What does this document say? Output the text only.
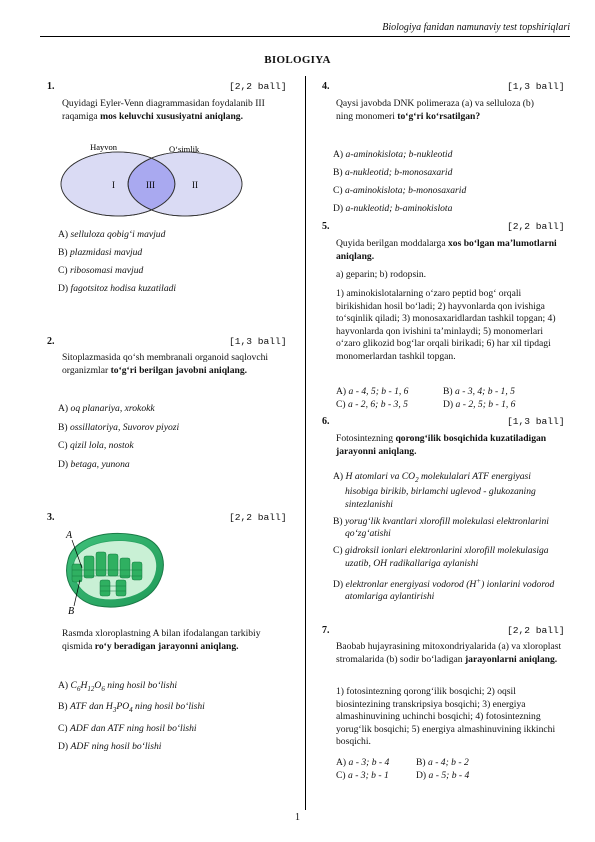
Biologiya fanidan namunaviy test topshiriqlari
BIOLOGIYA
1.	[2,2 ball]
Quyidagi Eyler-Venn diagrammasidan foydalanib III raqamiga mos keluvchi xususiyatni aniqlang.
Hayvon	O‘simlik
I	II
III
A) selluloza qobig‘i mavjud
B) plazmidasi mavjud
C) ribosomasi mavjud
D) fagotsitoz hodisa kuzatiladi
2.	[1,3 ball]
Sitoplazmasida qo‘sh membranali organoid saqlovchi organizmlar to‘g‘ri berilgan javobni aniqlang.
A) oq planariya, xrokokk
B) ossillatoriya, Suvorov piyozi
C) qizil lola, nostok
D) betaga, yunona
3.	[2,2 ball]
A
B
Rasmda xloroplastning A bilan ifodalangan tarkibiy qismida ro‘y beradigan jarayonni aniqlang.
A) $C_6H_{12}O_6$ ning hosil bo‘lishi
B) ATF dan $H_3PO_4$ ning hosil bo‘lishi
C) ADF dan ATF ning hosil bo‘lishi
D) ADF ning hosil bo‘lishi
4.	[1,3 ball]
Qaysi javobda DNK polimeraza (a) va selluloza (b) ning monomeri to‘g‘ri ko‘rsatilgan?
A) a-aminokislota; b-nukleotid
B) a-nukleotid; b-monosaxarid
C) a-aminokislota; b-monosaxarid
D) a-nukleotid; b-aminokislota
5.	[2,2 ball]
Quyida berilgan moddalarga xos bo‘lgan ma’lumotlarni aniqlang.
a) geparin; b) rodopsin.
1) aminokislotalarning o‘zaro peptid bog‘ orqali birikishidan hosil bo‘ladi; 2) hayvonlarda qon ivishiga to‘sqinlik qiladi; 3) monosaxaridlardan tashkil topgan; 4) hayvonlarda qon ivishini ta’minlaydi; 5) monomerlari o‘zaro glikozid bog‘lar orqali birikadi; 6) har xil tipdagi monomerlardan tashkil topgan.
A) a - 4, 5; b - 1, 6	B) a - 3, 4; b - 1, 5
C) a - 2, 6; b - 3, 5	D) a - 2, 5; b - 1, 6
6.	[1,3 ball]
Fotosintezning qorong‘ilik bosqichida kuzatiladigan jarayonni aniqlang.
A) H atomlari va $CO_2$ molekulalari ATF energiyasi hisobiga birikib, birlamchi uglevod - glukozaning sintezlanishi
B) yorug‘lik kvantlari xlorofill molekulasi elektronlarini qo‘zg‘atishi
C) gidroksil ionlari elektronlarini xlorofill molekulasiga uzatib, OH radikallariga aylanishi
D) elektronlar energiyasi vodorod (H+) ionlarini vodorod atomlariga aylantirishi
7.	[2,2 ball]
Baobab hujayrasining mitoxondriyalarida (a) va xloroplast stromalarida (b) sodir bo‘ladigan jarayonlarni aniqlang.
1) fotosintezning qorong‘ilik bosqichi; 2) oqsil biosintezining transkripsiya bosqichi; 3) energiya almashinuvining uchinchi bosqichi; 4) fotosintezning yorug‘lik bosqichi; 5) energiya almashinuvining ikkinchi bosqichi.
A) a - 3; b - 4	B) a - 4; b - 2
C) a - 3; b - 1	D) a - 5; b - 4
1
